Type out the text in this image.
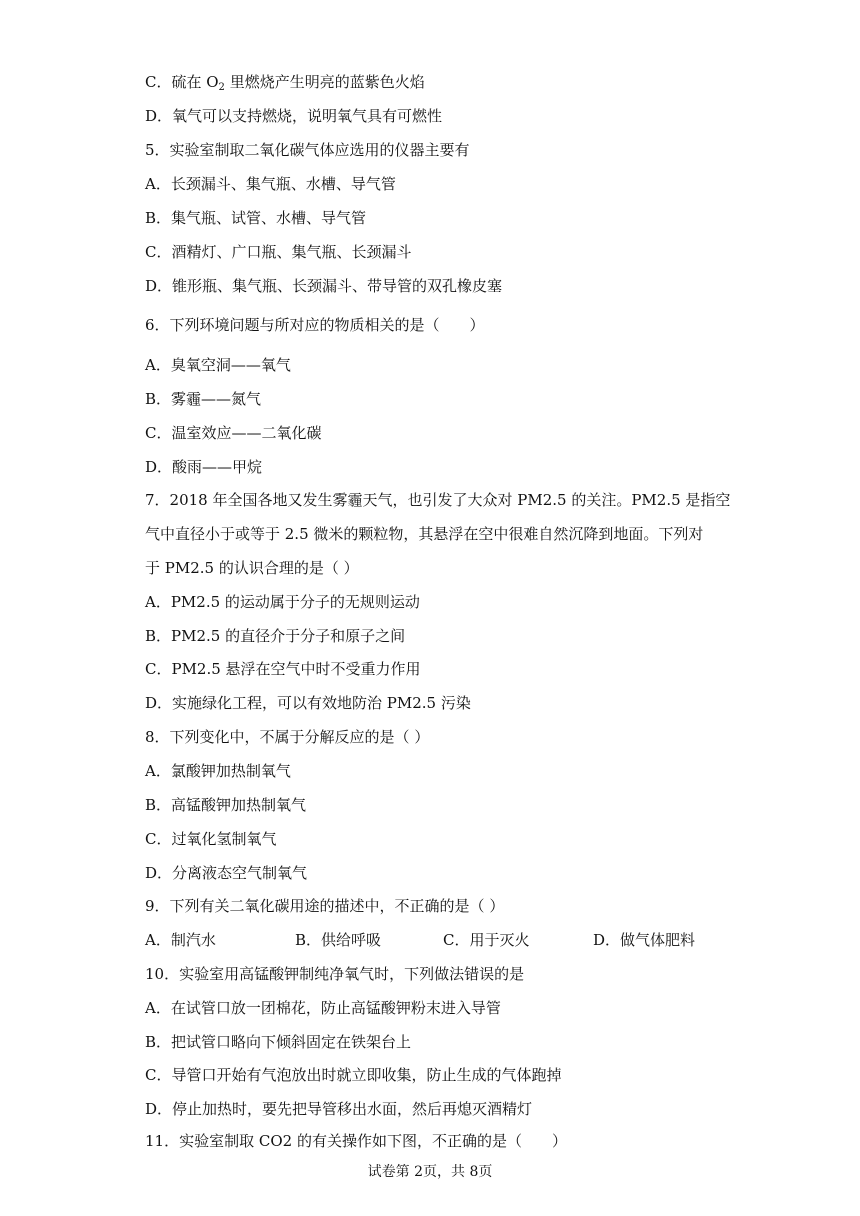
C．硫在 $O_2$ 里燃烧产生明亮的蓝紫色火焰
D．氧气可以支持燃烧，说明氧气具有可燃性
5．实验室制取二氧化碳气体应选用的仪器主要有
A．长颈漏斗、集气瓶、水槽、导气管
B．集气瓶、试管、水槽、导气管
C．酒精灯、广口瓶、集气瓶、长颈漏斗
D．锥形瓶、集气瓶、长颈漏斗、带导管的双孔橡皮塞
6．下列环境问题与所对应的物质相关的是（　　）
A．臭氧空洞——氧气
B．雾霾——氮气
C．温室效应——二氧化碳
D．酸雨——甲烷
7．2018 年全国各地又发生雾霾天气，也引发了大众对 PM2.5 的关注。PM2.5 是指空
气中直径小于或等于 2.5 微米的颗粒物，其悬浮在空中很难自然沉降到地面。下列对
于 PM2.5 的认识合理的是（ ）
A．PM2.5 的运动属于分子的无规则运动
B．PM2.5 的直径介于分子和原子之间
C．PM2.5 悬浮在空气中时不受重力作用
D．实施绿化工程，可以有效地防治 PM2.5 污染
8．下列变化中，不属于分解反应的是（ ）
A．氯酸钾加热制氧气
B．高锰酸钾加热制氧气
C．过氧化氢制氧气
D．分离液态空气制氧气
9．下列有关二氧化碳用途的描述中，不正确的是（ ）
A．制汽水	B．供给呼吸	C．用于灭火	D．做气体肥料
10．实验室用高锰酸钾制纯净氧气时，下列做法错误的是
A．在试管口放一团棉花，防止高锰酸钾粉末进入导管
B．把试管口略向下倾斜固定在铁架台上
C．导管口开始有气泡放出时就立即收集，防止生成的气体跑掉
D．停止加热时，要先把导管移出水面，然后再熄灭酒精灯
11．实验室制取 CO2 的有关操作如下图，不正确的是（　　）
试卷第 2页，共 8页
